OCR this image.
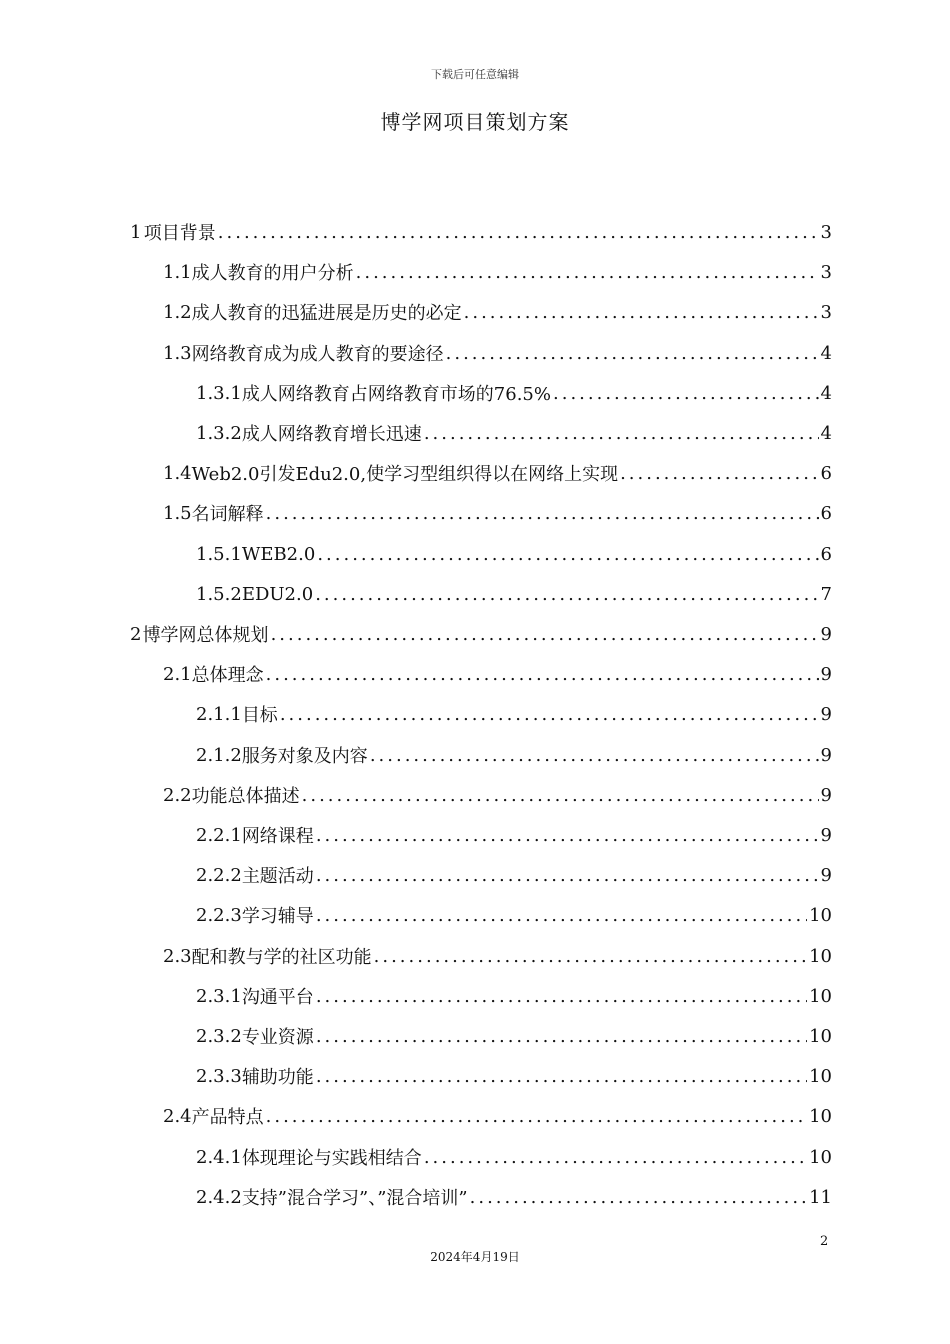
下载后可任意编辑
博学网项目策划方案
1 项目背景 .....	3
1.1 成人教育的用户分析 .....	3
1.2 成人教育的迅猛进展是历史的必定 .....	3
1.3 网络教育成为成人教育的要途径 .....	4
1.3.1 成人网络教育占网络教育市场的76.5% .....	4
1.3.2 成人网络教育增长迅速 .....	4
1.4 Web2.0引发Edu2.0,使学习型组织得以在网络上实现 .....	6
1.5 名词解释 .....	6
1.5.1 WEB2.0 .....	6
1.5.2 EDU2.0 .....	7
2 博学网总体规划 .....	9
2.1 总体理念 .....	9
2.1.1 目标 .....	9
2.1.2 服务对象及内容 .....	9
2.2 功能总体描述 .....	9
2.2.1 网络课程 .....	9
2.2.2 主题活动 .....	9
2.2.3 学习辅导 .....	10
2.3 配和教与学的社区功能 .....	10
2.3.1 沟通平台 .....	10
2.3.2 专业资源 .....	10
2.3.3 辅助功能 .....	10
2.4 产品特点 .....	10
2.4.1 体现理论与实践相结合 .....	10
2.4.2 支持”混合学习”、”混合培训” .....	11
2
2024年4月19日
